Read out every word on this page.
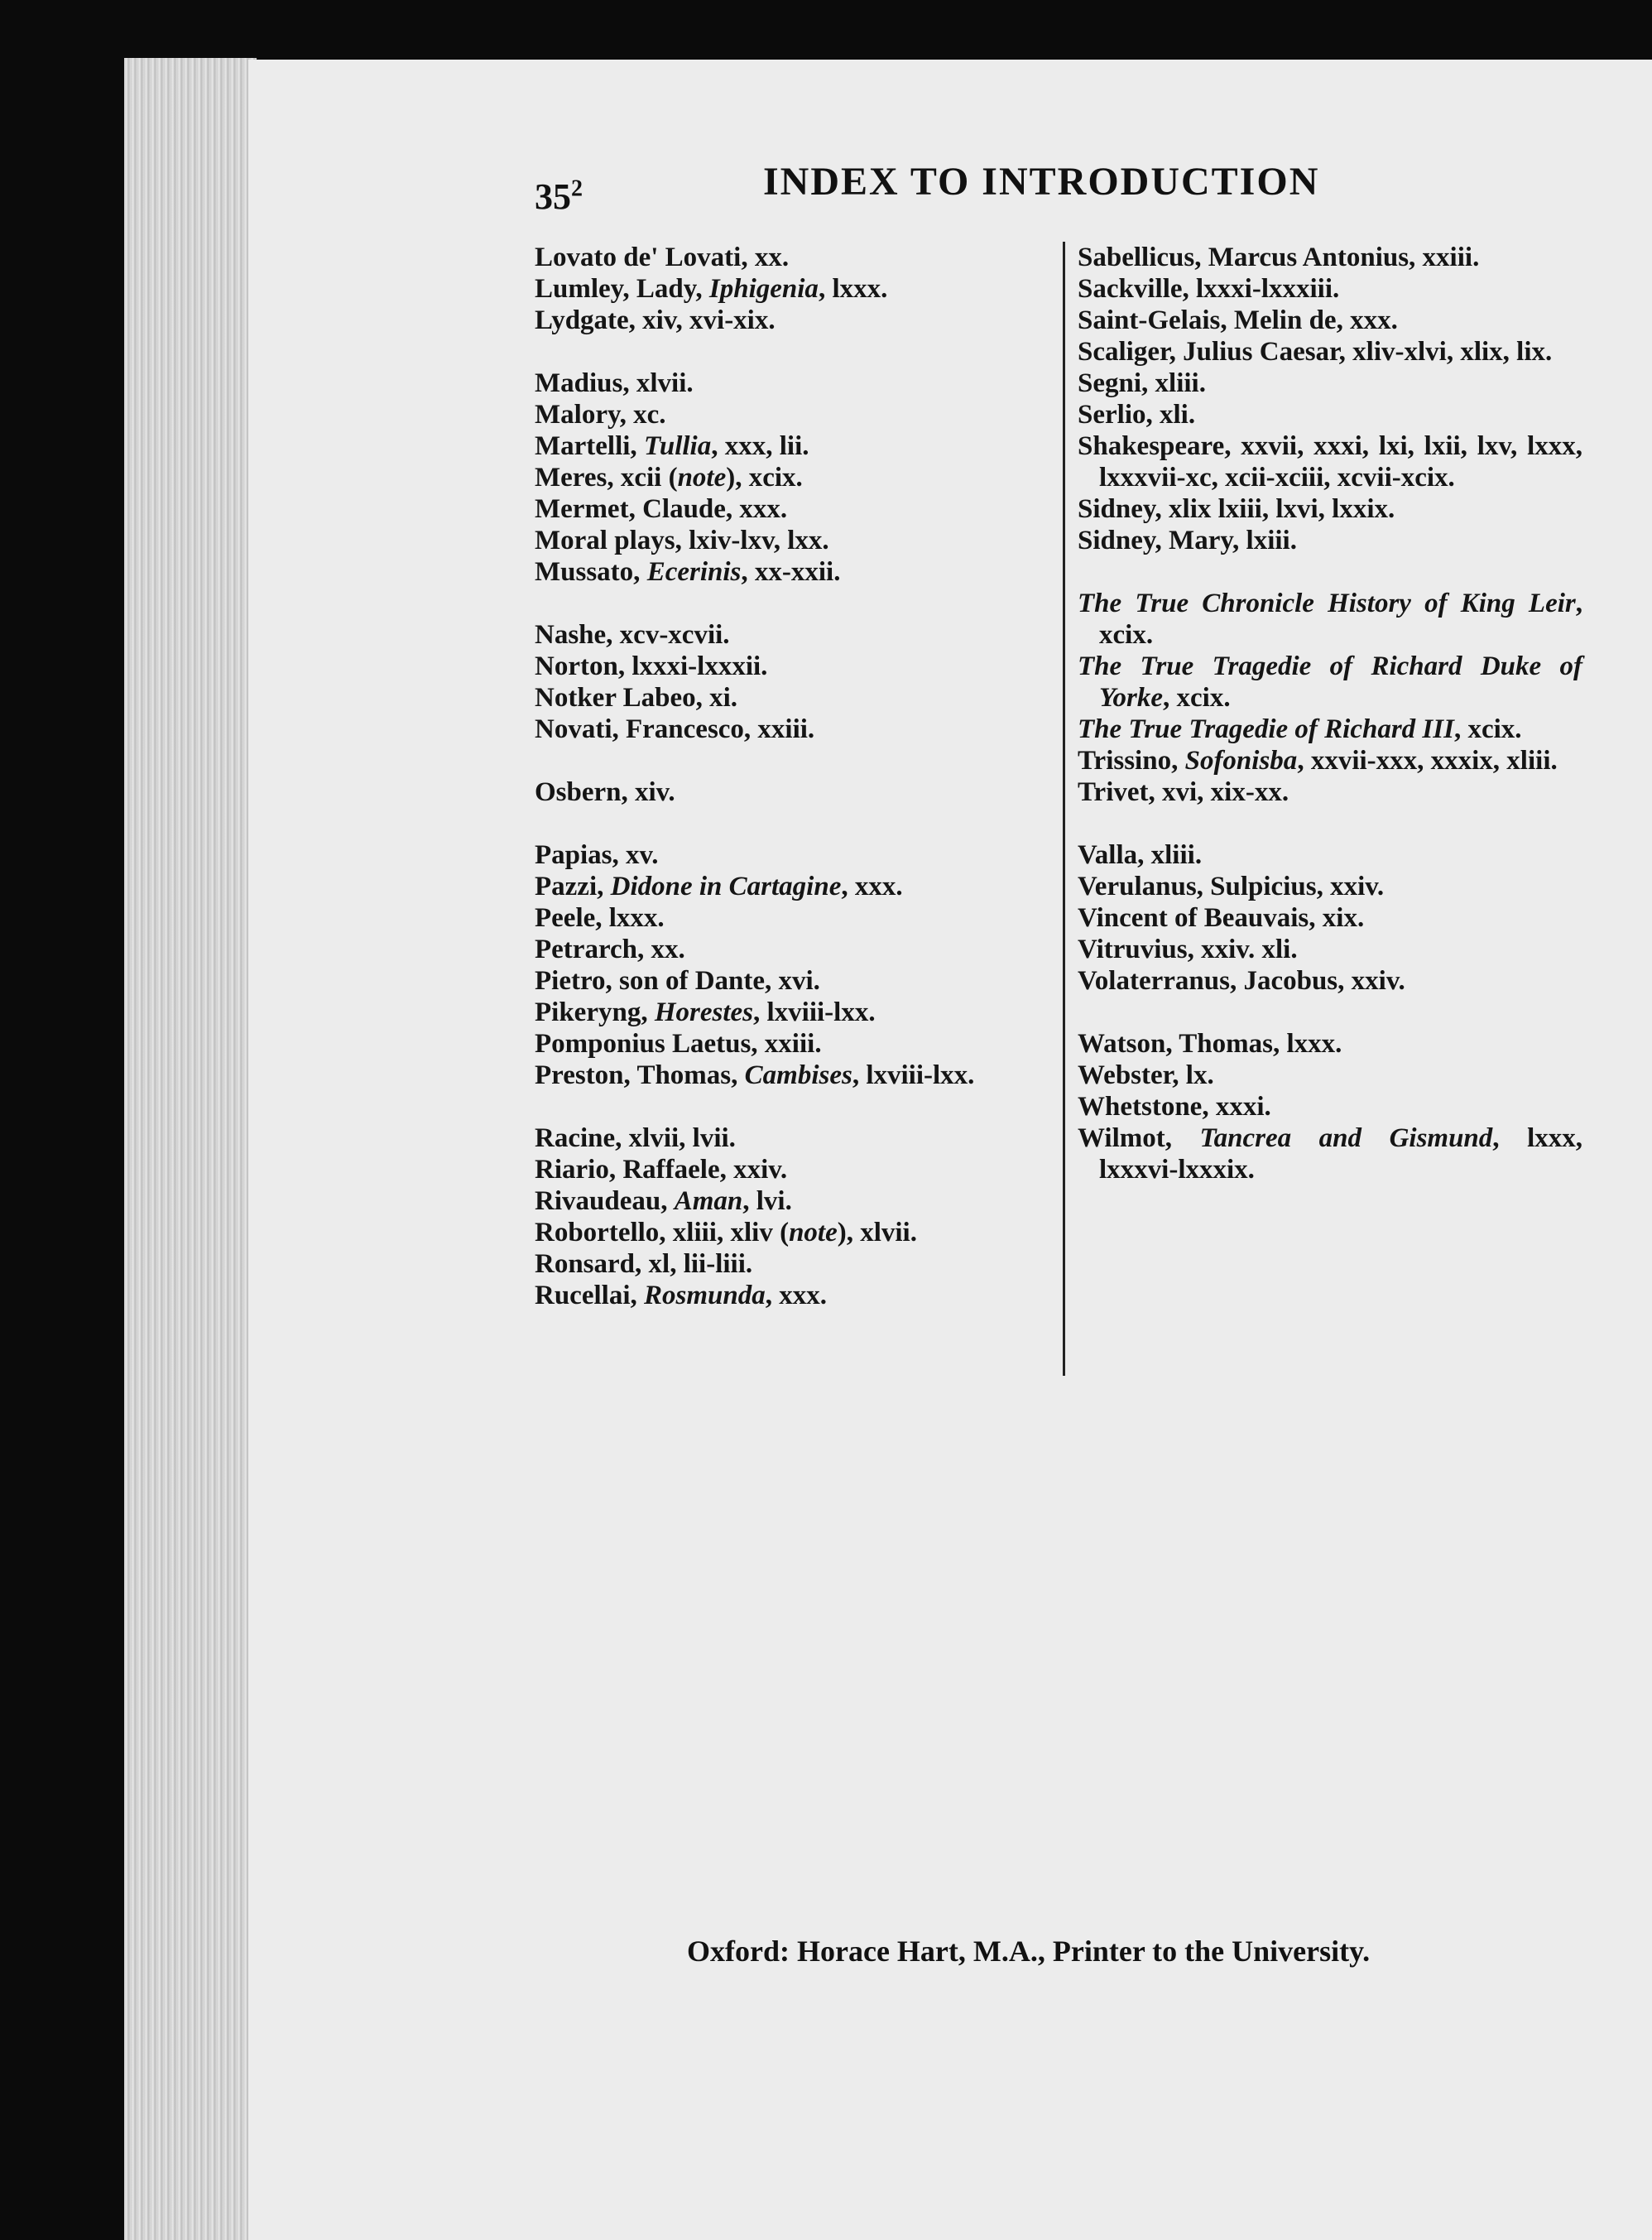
$35^2$	INDEX TO INTRODUCTION
Lovato de' Lovati, xx.
Lumley, Lady, Iphigenia, lxxx.
Lydgate, xiv, xvi-xix.
Madius, xlvii.
Malory, xc.
Martelli, Tullia, xxx, lii.
Meres, xcii (note), xcix.
Mermet, Claude, xxx.
Moral plays, lxiv-lxv, lxx.
Mussato, Ecerinis, xx-xxii.
Nashe, xcv-xcvii.
Norton, lxxxi-lxxxii.
Notker Labeo, xi.
Novati, Francesco, xxiii.
Osbern, xiv.
Papias, xv.
Pazzi, Didone in Cartagine, xxx.
Peele, lxxx.
Petrarch, xx.
Pietro, son of Dante, xvi.
Pikeryng, Horestes, lxviii-lxx.
Pomponius Laetus, xxiii.
Preston, Thomas, Cambises, lxviii-lxx.
Racine, xlvii, lvii.
Riario, Raffaele, xxiv.
Rivaudeau, Aman, lvi.
Robortello, xliii, xliv (note), xlvii.
Ronsard, xl, lii-liii.
Rucellai, Rosmunda, xxx.
Sabellicus, Marcus Antonius, xxiii.
Sackville, lxxxi-lxxxiii.
Saint-Gelais, Melin de, xxx.
Scaliger, Julius Caesar, xliv-xlvi, xlix, lix.
Segni, xliii.
Serlio, xli.
Shakespeare, xxvii, xxxi, lxi, lxii, lxv, lxxx, lxxxvii-xc, xcii-xciii, xcvii-xcix.
Sidney, xlix lxiii, lxvi, lxxix.
Sidney, Mary, lxiii.
The True Chronicle History of King Leir, xcix.
The True Tragedie of Richard Duke of Yorke, xcix.
The True Tragedie of Richard III, xcix.
Trissino, Sofonisba, xxvii-xxx, xxxix, xliii.
Trivet, xvi, xix-xx.
Valla, xliii.
Verulanus, Sulpicius, xxiv.
Vincent of Beauvais, xix.
Vitruvius, xxiv. xli.
Volaterranus, Jacobus, xxiv.
Watson, Thomas, lxxx.
Webster, lx.
Whetstone, xxxi.
Wilmot, Tancrea and Gismund, lxxx, lxxxvi-lxxxix.
Oxford: Horace Hart, M.A., Printer to the University.
